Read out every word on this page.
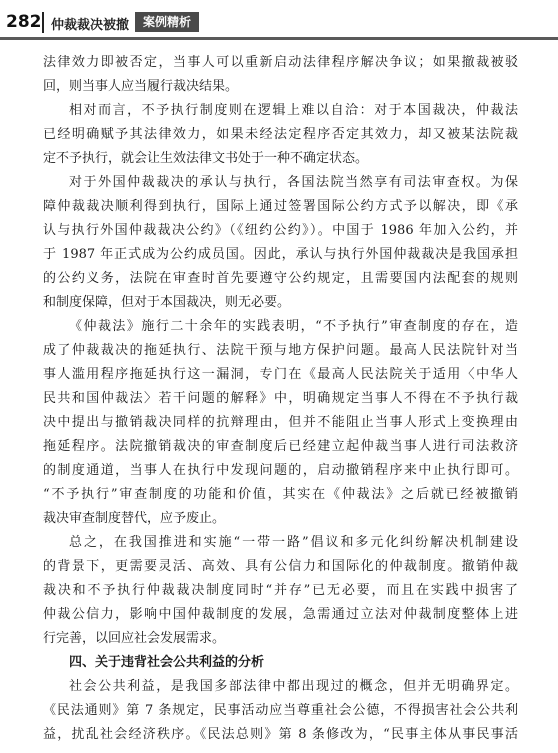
282 仲裁裁决被撤	案例精析
法律效力即被否定，当事人可以重新启动法律程序解决争议；如果撤裁被驳
回，则当事人应当履行裁决结果。
相对而言，不予执行制度则在逻辑上难以自洽：对于本国裁决，仲裁法
已经明确赋予其法律效力，如果未经法定程序否定其效力，却又被某法院裁
定不予执行，就会让生效法律文书处于一种不确定状态。
对于外国仲裁裁决的承认与执行，各国法院当然享有司法审查权。为保
障仲裁裁决顺利得到执行，国际上通过签署国际公约方式予以解决，即《承
认与执行外国仲裁裁决公约》（《纽约公约》）。中国于 1986 年加入公约，并
于 1987 年正式成为公约成员国。因此，承认与执行外国仲裁裁决是我国承担
的公约义务，法院在审查时首先要遵守公约规定，且需要国内法配套的规则
和制度保障，但对于本国裁决，则无必要。
《仲裁法》施行二十余年的实践表明，“不予执行”审查制度的存在，造
成了仲裁裁决的拖延执行、法院干预与地方保护问题。最高人民法院针对当
事人滥用程序拖延执行这一漏洞，专门在《最高人民法院关于适用〈中华人
民共和国仲裁法〉若干问题的解释》中，明确规定当事人不得在不予执行裁
决中提出与撤销裁决同样的抗辩理由，但并不能阻止当事人形式上变换理由
拖延程序。法院撤销裁决的审查制度后已经建立起仲裁当事人进行司法救济
的制度通道，当事人在执行中发现问题的，启动撤销程序来中止执行即可。
“不予执行”审查制度的功能和价值，其实在《仲裁法》之后就已经被撤销
裁决审查制度替代，应予废止。
总之，在我国推进和实施“一带一路”倡议和多元化纠纷解决机制建设
的背景下，更需要灵活、高效、具有公信力和国际化的仲裁制度。撤销仲裁
裁决和不予执行仲裁裁决制度同时“并存”已无必要，而且在实践中损害了
仲裁公信力，影响中国仲裁制度的发展，急需通过立法对仲裁制度整体上进
行完善，以回应社会发展需求。
四、关于违背社会公共利益的分析
社会公共利益，是我国多部法律中都出现过的概念，但并无明确界定。
《民法通则》第 7 条规定，民事活动应当尊重社会公德，不得损害社会公共利
益，扰乱社会经济秩序。《民法总则》第 8 条修改为，“民事主体从事民事活
